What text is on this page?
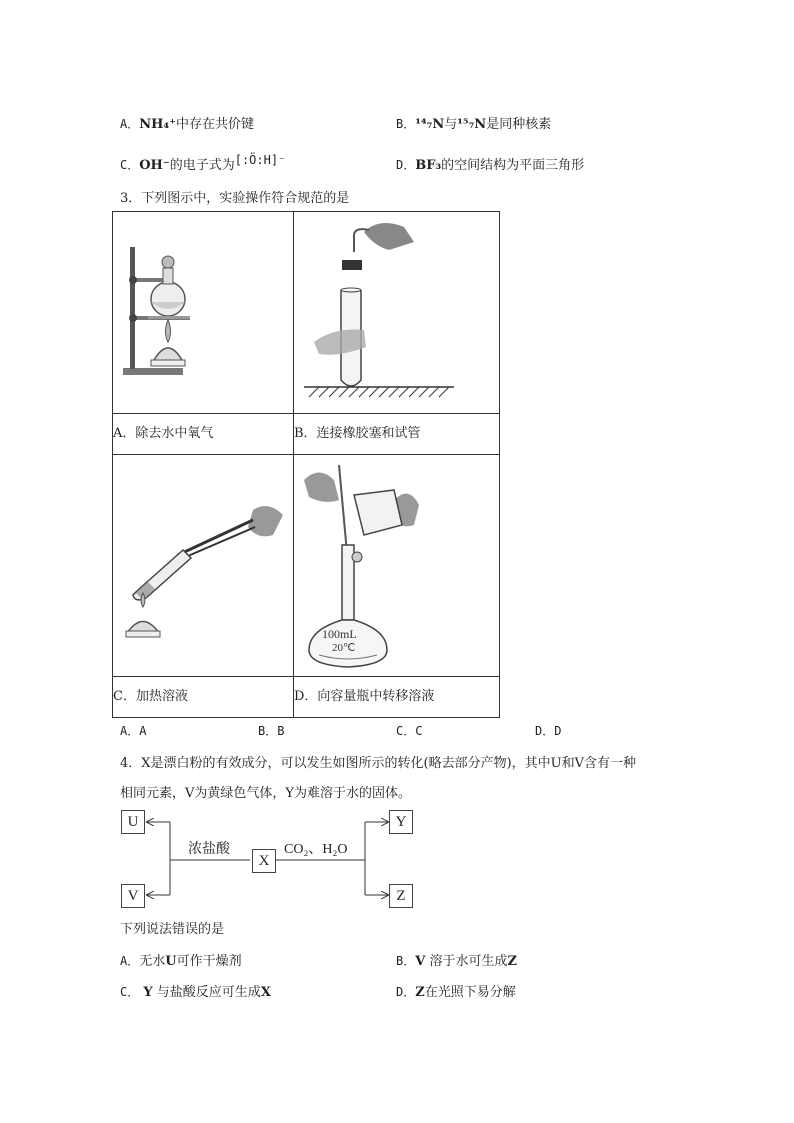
A．NH₄⁺中存在共价键	B．¹⁴₇N与¹⁵₇N是同种核素
C．OH⁻的电子式为[:Ö:H]⁻	D．BF₃的空间结构为平面三角形
3．下列图示中，实验操作符合规范的是

A．除去水中氧气	B．连接橡胶塞和试管

100mL
20℃

C．加热溶液	D．向容量瓶中转移溶液
A．A	B．B	C．C	D．D
4．X是漂白粉的有效成分，可以发生如图所示的转化(略去部分产物)，其中U和V含有一种
相同元素，V为黄绿色气体，Y为难溶于水的固体。
U
V
X
Y
Z
浓盐酸	CO₂、H₂O
下列说法错误的是
A．无水U可作干燥剂	B．V 溶于水可生成Z
C． Y 与盐酸反应可生成X	D．Z在光照下易分解
